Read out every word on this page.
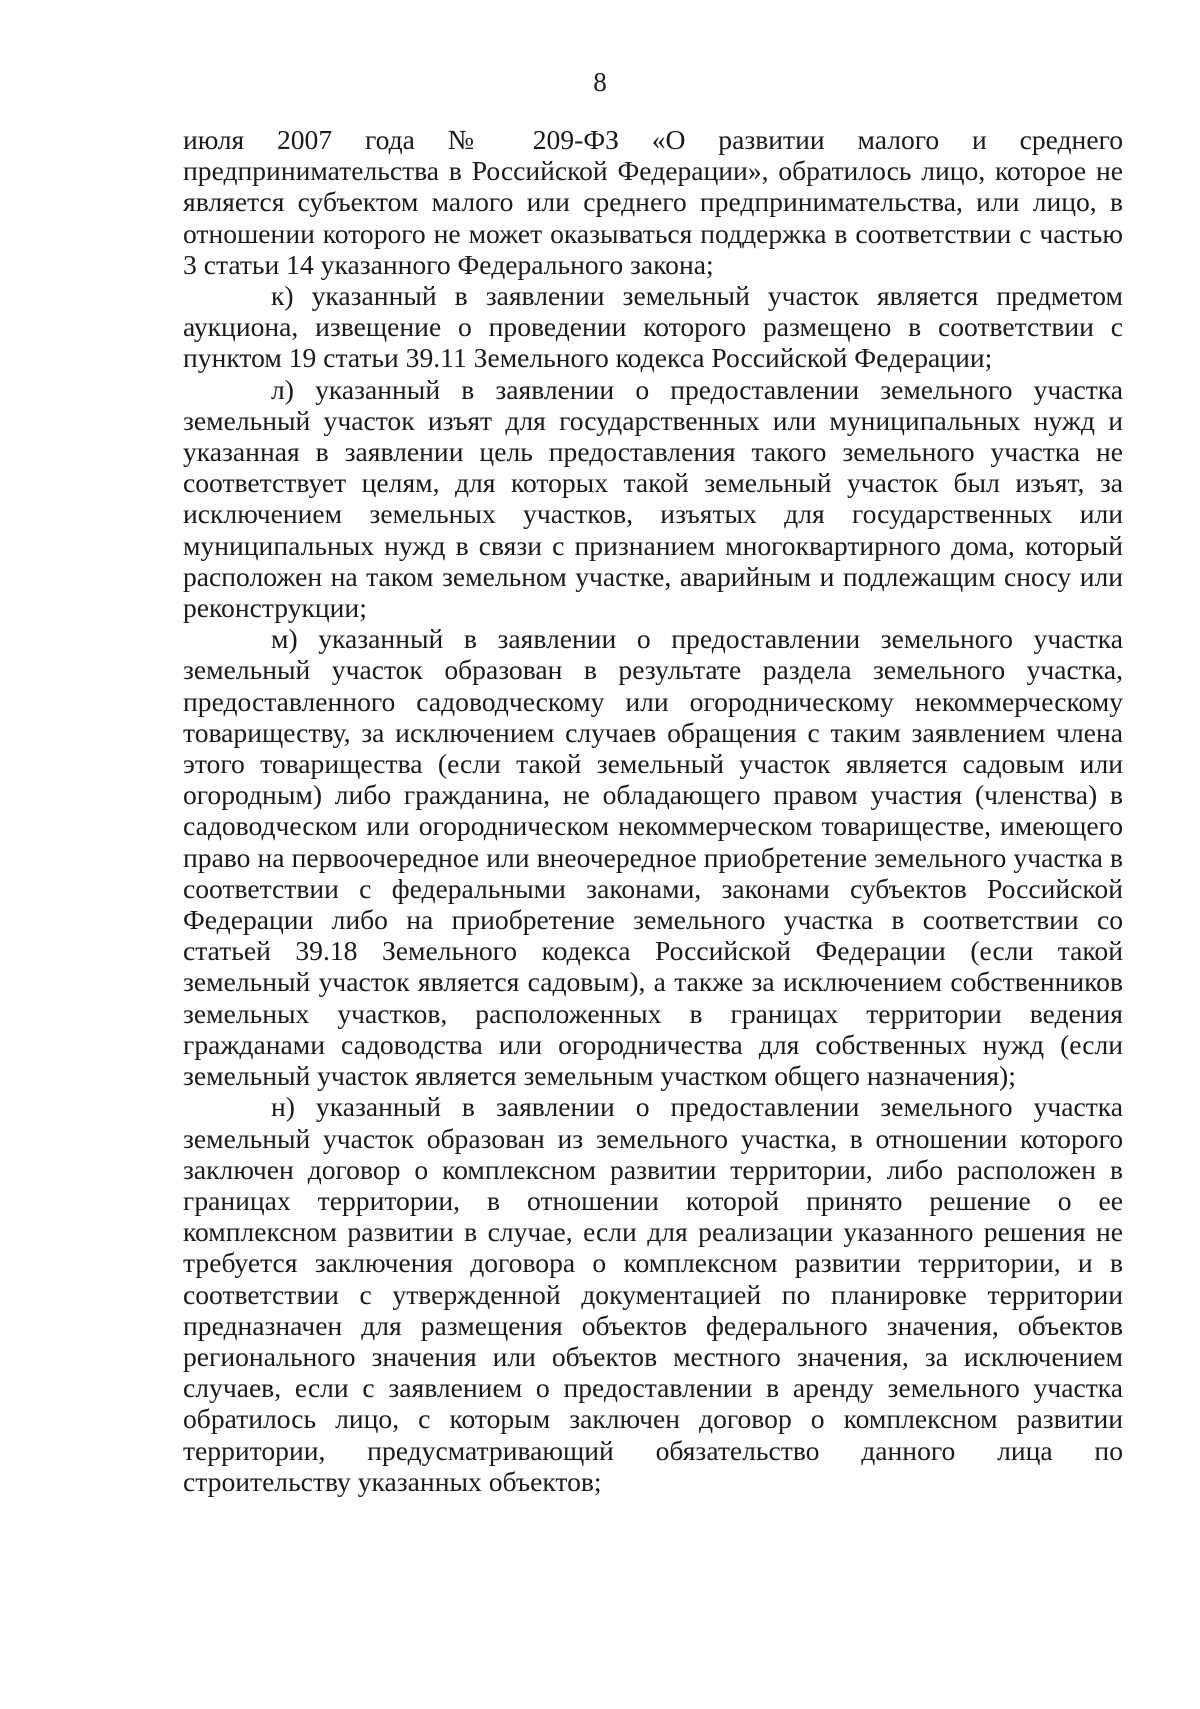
8

июля 2007 года № 209-ФЗ «О развитии малого и среднего предпринимательства в Российской Федерации», обратилось лицо, которое не является субъектом малого или среднего предпринимательства, или лицо, в отношении которого не может оказываться поддержка в соответствии с частью 3 статьи 14 указанного Федерального закона;

к) указанный в заявлении земельный участок является предметом аукциона, извещение о проведении которого размещено в соответствии с пунктом 19 статьи 39.11 Земельного кодекса Российской Федерации;

л) указанный в заявлении о предоставлении земельного участка земельный участок изъят для государственных или муниципальных нужд и указанная в заявлении цель предоставления такого земельного участка не соответствует целям, для которых такой земельный участок был изъят, за исключением земельных участков, изъятых для государственных или муниципальных нужд в связи с признанием многоквартирного дома, который расположен на таком земельном участке, аварийным и подлежащим сносу или реконструкции;

м) указанный в заявлении о предоставлении земельного участка земельный участок образован в результате раздела земельного участка, предоставленного садоводческому или огородническому некоммерческому товариществу, за исключением случаев обращения с таким заявлением члена этого товарищества (если такой земельный участок является садовым или огородным) либо гражданина, не обладающего правом участия (членства) в садоводческом или огородническом некоммерческом товариществе, имеющего право на первоочередное или внеочередное приобретение земельного участка в соответствии с федеральными законами, законами субъектов Российской Федерации либо на приобретение земельного участка в соответствии со статьей 39.18 Земельного кодекса Российской Федерации (если такой земельный участок является садовым), а также за исключением собственников земельных участков, расположенных в границах территории ведения гражданами садоводства или огородничества для собственных нужд (если земельный участок является земельным участком общего назначения);

н) указанный в заявлении о предоставлении земельного участка земельный участок образован из земельного участка, в отношении которого заключен договор о комплексном развитии территории, либо расположен в границах территории, в отношении которой принято решение о ее комплексном развитии в случае, если для реализации указанного решения не требуется заключения договора о комплексном развитии территории, и в соответствии с утвержденной документацией по планировке территории предназначен для размещения объектов федерального значения, объектов регионального значения или объектов местного значения, за исключением случаев, если с заявлением о предоставлении в аренду земельного участка обратилось лицо, с которым заключен договор о комплексном развитии территории, предусматривающий обязательство данного лица по строительству указанных объектов;
